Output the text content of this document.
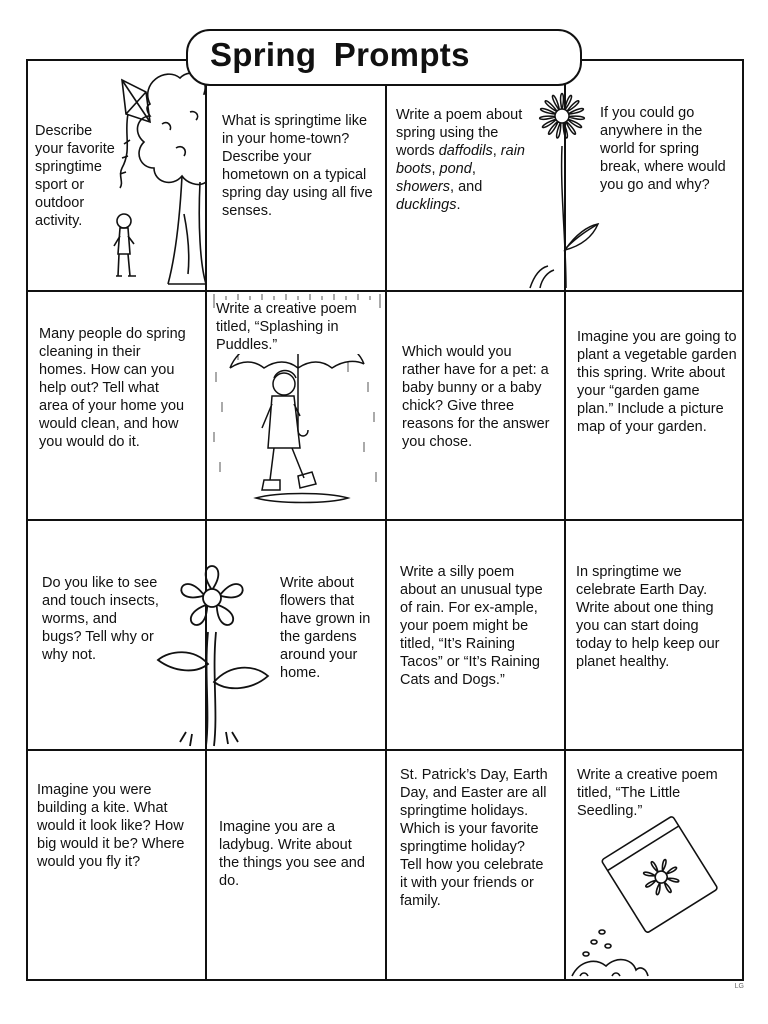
Spring Prompts

Describe your favorite springtime sport or outdoor activity.

What is springtime like in your home-town? Describe your hometown on a typical spring day using all five senses.

Write a poem about spring using the words daffodils, rain boots, pond, showers, and ducklings.

If you could go anywhere in the world for spring break, where would you go and why?

Many people do spring cleaning in their homes. How can you help out? Tell what area of your home you would clean, and how you would do it.

Write a creative poem titled, “Splashing in Puddles.”	Which would you rather have for a pet: a baby bunny or a baby chick? Give three reasons for the answer you chose.

Imagine you are going to plant a vegetable garden this spring. Write about your “garden game plan.” Include a picture map of your garden.

Do you like to see and touch insects, worms, and bugs? Tell why or why not.

Write about flowers that have grown in the gardens around your home.

Write a silly poem about an unusual type of rain. For ex-ample, your poem might be titled, “It’s Raining Tacos” or “It’s Raining Cats and Dogs.”

In springtime we celebrate Earth Day. Write about one thing you can start doing today to help keep our planet healthy.

Imagine you were building a kite. What would it look like? How big would it be? Where would you fly it?

Imagine you are a ladybug. Write about the things you see and do.

St. Patrick’s Day, Earth Day, and Easter are all springtime holidays. Which is your favorite springtime holiday? Tell how you celebrate it with your friends or family.

Write a creative poem titled, “The Little Seedling.”

LG
